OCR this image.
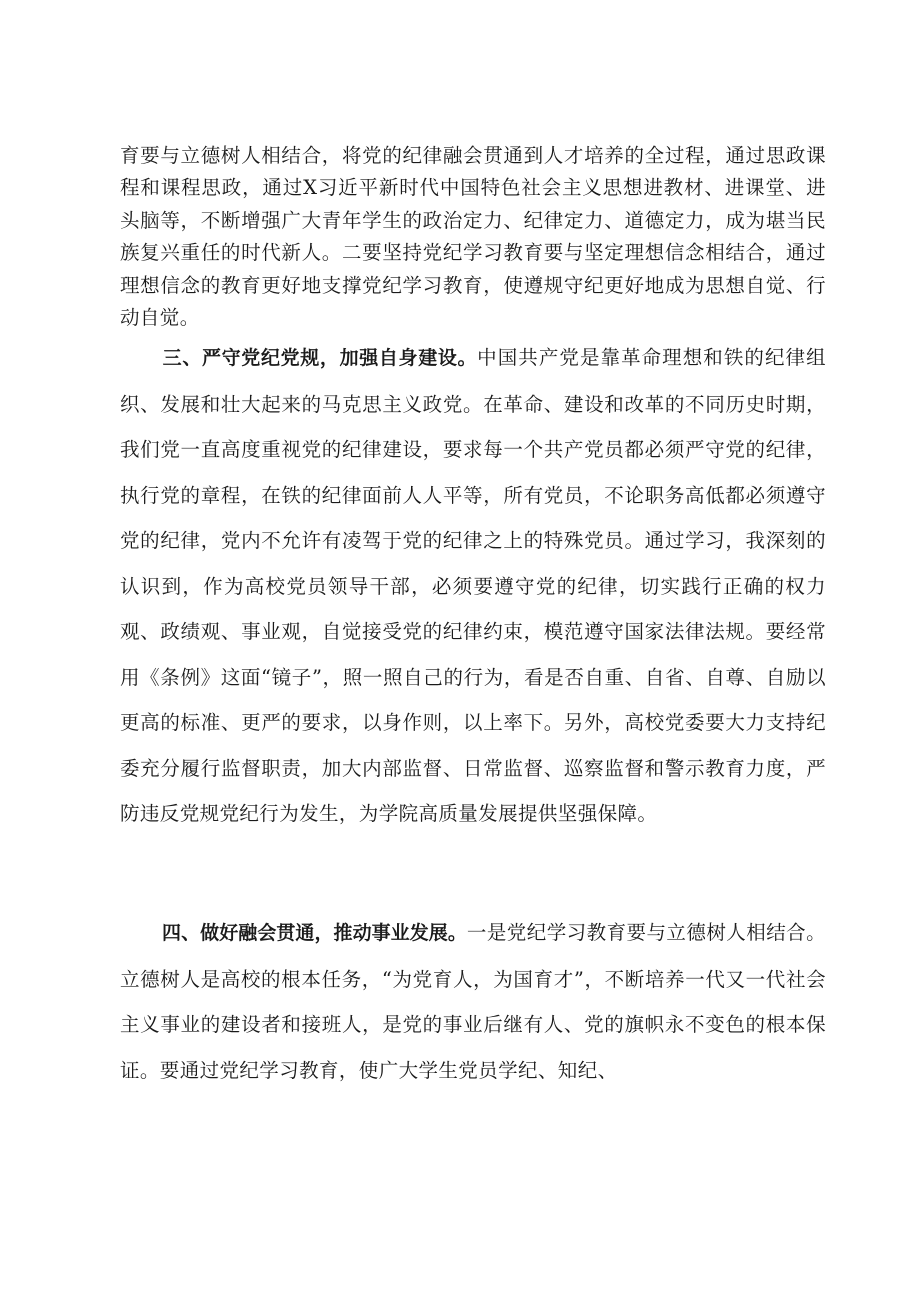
育要与立德树人相结合，将党的纪律融会贯通到人才培养的全过程，通过思政课程和课程思政，通过X习近平新时代中国特色社会主义思想进教材、进课堂、进头脑等，不断增强广大青年学生的政治定力、纪律定力、道德定力，成为堪当民族复兴重任的时代新人。二要坚持党纪学习教育要与坚定理想信念相结合，通过理想信念的教育更好地支撑党纪学习教育，使遵规守纪更好地成为思想自觉、行动自觉。

三、严守党纪党规，加强自身建设。中国共产党是靠革命理想和铁的纪律组织、发展和壮大起来的马克思主义政党。在革命、建设和改革的不同历史时期，我们党一直高度重视党的纪律建设，要求每一个共产党员都必须严守党的纪律，执行党的章程，在铁的纪律面前人人平等，所有党员，不论职务高低都必须遵守党的纪律，党内不允许有凌驾于党的纪律之上的特殊党员。通过学习，我深刻的认识到，作为高校党员领导干部，必须要遵守党的纪律，切实践行正确的权力观、政绩观、事业观，自觉接受党的纪律约束，模范遵守国家法律法规。要经常用《条例》这面“镜子”，照一照自己的行为，看是否自重、自省、自尊、自励以更高的标准、更严的要求，以身作则，以上率下。另外，高校党委要大力支持纪委充分履行监督职责，加大内部监督、日常监督、巡察监督和警示教育力度，严防违反党规党纪行为发生，为学院高质量发展提供坚强保障。

四、做好融会贯通，推动事业发展。一是党纪学习教育要与立德树人相结合。立德树人是高校的根本任务，“为党育人，为国育才”，不断培养一代又一代社会主义事业的建设者和接班人，是党的事业后继有人、党的旗帜永不变色的根本保证。要通过党纪学习教育，使广大学生党员学纪、知纪、
